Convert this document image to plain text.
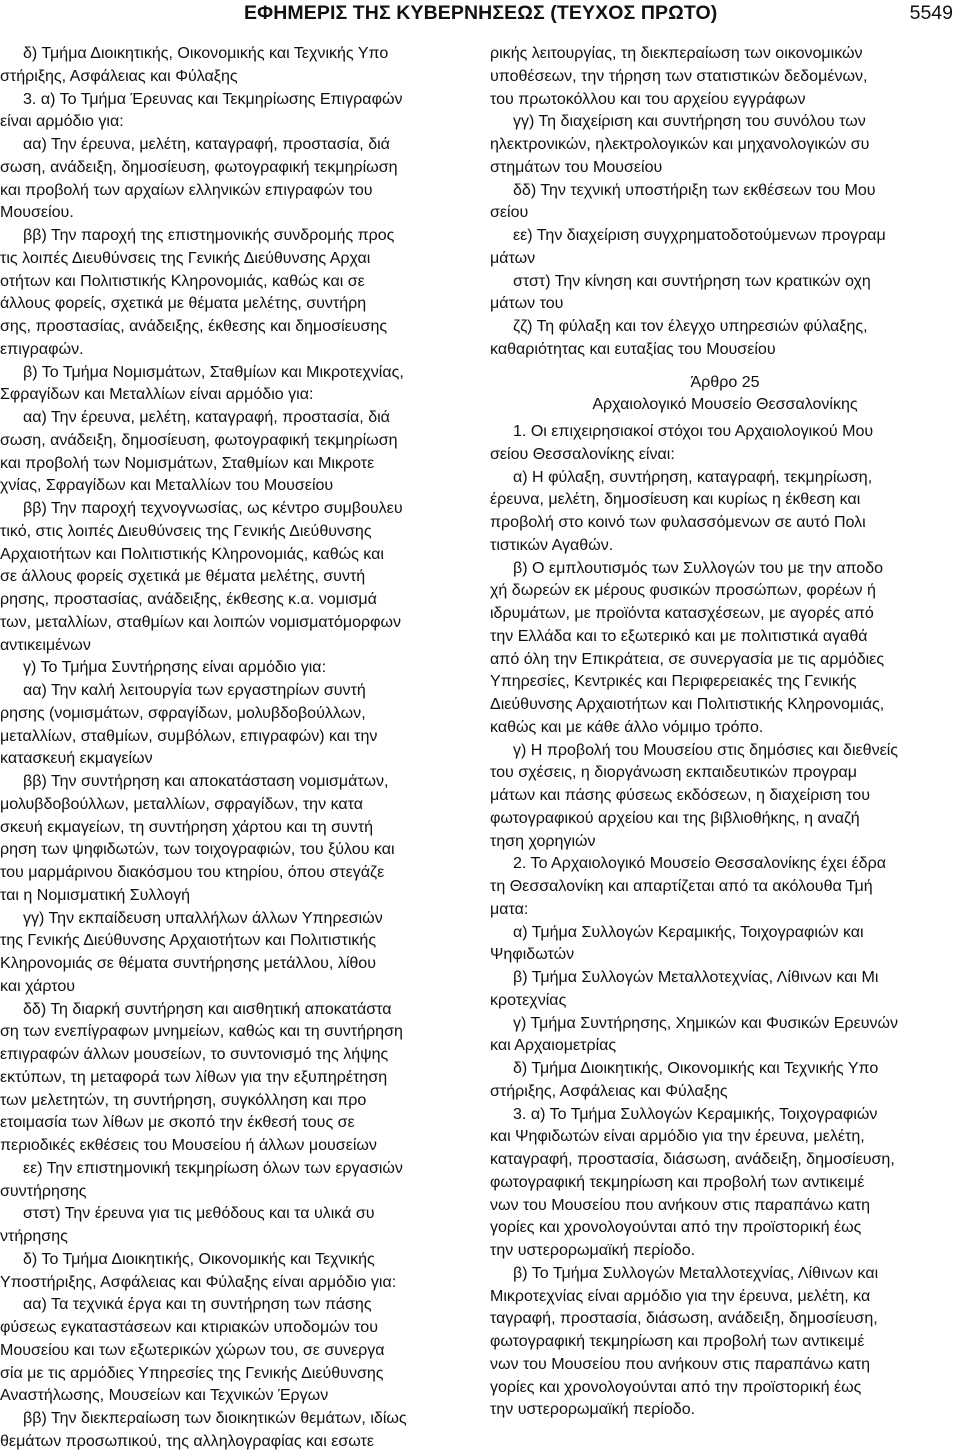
ΕΦΗΜΕΡΙΣ ΤΗΣ ΚΥΒΕΡΝΗΣΕΩΣ (ΤΕΥΧΟΣ ΠΡΩΤΟ)	5549
δ) Τμήμα Διοικητικής, Οικονομικής και Τεχνικής Υπο
στήριξης, Ασφάλειας και Φύλαξης
3. α) Το Τμήμα Έρευνας και Τεκμηρίωσης Επιγραφών
είναι αρμόδιο για:
αα) Την έρευνα, μελέτη, καταγραφή, προστασία, διά
σωση, ανάδειξη, δημοσίευση, φωτογραφική τεκμηρίωση
και προβολή των αρχαίων ελληνικών επιγραφών του
Μουσείου.
ββ) Την παροχή της επιστημονικής συνδρομής προς
τις λοιπές Διευθύνσεις της Γενικής Διεύθυνσης Αρχαι
οτήτων και Πολιτιστικής Κληρονομιάς, καθώς και σε
άλλους φορείς, σχετικά με θέματα μελέτης, συντήρη
σης, προστασίας, ανάδειξης, έκθεσης και δημοσίευσης
επιγραφών.
β) Το Τμήμα Νομισμάτων, Σταθμίων και Μικροτεχνίας,
Σφραγίδων και Μεταλλίων είναι αρμόδιο για:
αα) Την έρευνα, μελέτη, καταγραφή, προστασία, διά
σωση, ανάδειξη, δημοσίευση, φωτογραφική τεκμηρίωση
και προβολή των Νομισμάτων, Σταθμίων και Μικροτε
χνίας, Σφραγίδων και Μεταλλίων του Μουσείου
ββ) Την παροχή τεχνογνωσίας, ως κέντρο συμβουλευ
τικό, στις λοιπές Διευθύνσεις της Γενικής Διεύθυνσης
Αρχαιοτήτων και Πολιτιστικής Κληρονομιάς, καθώς και
σε άλλους φορείς σχετικά με θέματα μελέτης, συντή
ρησης, προστασίας, ανάδειξης, έκθεσης κ.α. νομισμά
των, μεταλλίων, σταθμίων και λοιπών νομισματόμορφων
αντικειμένων
γ) Το Τμήμα Συντήρησης είναι αρμόδιο για:
αα) Την καλή λειτουργία των εργαστηρίων συντή
ρησης (νομισμάτων, σφραγίδων, μολυβδοβούλλων,
μεταλλίων, σταθμίων, συμβόλων, επιγραφών) και την
κατασκευή εκμαγείων
ββ) Την συντήρηση και αποκατάσταση νομισμάτων,
μολυβδοβούλλων, μεταλλίων, σφραγίδων, την κατα
σκευή εκμαγείων, τη συντήρηση χάρτου και τη συντή
ρηση των ψηφιδωτών, των τοιχογραφιών, του ξύλου και
του μαρμάρινου διακόσμου του κτηρίου, όπου στεγάζε
ται η Νομισματική Συλλογή
γγ) Την εκπαίδευση υπαλλήλων άλλων Υπηρεσιών
της Γενικής Διεύθυνσης Αρχαιοτήτων και Πολιτιστικής
Κληρονομιάς σε θέματα συντήρησης μετάλλου, λίθου
και χάρτου
δδ) Τη διαρκή συντήρηση και αισθητική αποκατάστα
ση των ενεπίγραφων μνημείων, καθώς και τη συντήρηση
επιγραφών άλλων μουσείων, το συντονισμό της λήψης
εκτύπων, τη μεταφορά των λίθων για την εξυπηρέτηση
των μελετητών, τη συντήρηση, συγκόλληση και προ
ετοιμασία των λίθων με σκοπό την έκθεσή τους σε
περιοδικές εκθέσεις του Μουσείου ή άλλων μουσείων
εε) Την επιστημονική τεκμηρίωση όλων των εργασιών
συντήρησης
στστ) Την έρευνα για τις μεθόδους και τα υλικά συ
ντήρησης
δ) Το Τμήμα Διοικητικής, Οικονομικής και Τεχνικής
Υποστήριξης, Ασφάλειας και Φύλαξης είναι αρμόδιο για:
αα) Τα τεχνικά έργα και τη συντήρηση των πάσης
φύσεως εγκαταστάσεων και κτιριακών υποδομών του
Μουσείου και των εξωτερικών χώρων του, σε συνεργα
σία με τις αρμόδιες Υπηρεσίες της Γενικής Διεύθυνσης
Αναστήλωσης, Μουσείων και Τεχνικών Έργων
ββ) Την διεκπεραίωση των διοικητικών θεμάτων, ιδίως
θεμάτων προσωπικού, της αλληλογραφίας και εσωτε
ρικής λειτουργίας, τη διεκπεραίωση των οικονομικών
υποθέσεων, την τήρηση των στατιστικών δεδομένων,
του πρωτοκόλλου και του αρχείου εγγράφων
γγ) Τη διαχείριση και συντήρηση του συνόλου των
ηλεκτρονικών, ηλεκτρολογικών και μηχανολογικών συ
στημάτων του Μουσείου
δδ) Την τεχνική υποστήριξη των εκθέσεων του Μου
σείου
εε) Την διαχείριση συγχρηματοδοτούμενων προγραμ
μάτων
στστ) Την κίνηση και συντήρηση των κρατικών οχη
μάτων του
ζζ) Τη φύλαξη και τον έλεγχο υπηρεσιών φύλαξης,
καθαριότητας και ευταξίας του Μουσείου
Άρθρο 25
Αρχαιολογικό Μουσείο Θεσσαλονίκης
1. Οι επιχειρησιακοί στόχοι του Αρχαιολογικού Μου
σείου Θεσσαλονίκης είναι:
α) Η φύλαξη, συντήρηση, καταγραφή, τεκμηρίωση,
έρευνα, μελέτη, δημοσίευση και κυρίως η έκθεση και
προβολή στο κοινό των φυλασσόμενων σε αυτό Πολι
τιστικών Αγαθών.
β) Ο εμπλουτισμός των Συλλογών του με την αποδο
χή δωρεών εκ μέρους φυσικών προσώπων, φορέων ή
ιδρυμάτων, με προϊόντα κατασχέσεων, με αγορές από
την Ελλάδα και το εξωτερικό και με πολιτιστικά αγαθά
από όλη την Επικράτεια, σε συνεργασία με τις αρμόδιες
Υπηρεσίες, Κεντρικές και Περιφερειακές της Γενικής
Διεύθυνσης Αρχαιοτήτων και Πολιτιστικής Κληρονομιάς,
καθώς και με κάθε άλλο νόμιμο τρόπο.
γ) Η προβολή του Μουσείου στις δημόσιες και διεθνείς
του σχέσεις, η διοργάνωση εκπαιδευτικών προγραμ
μάτων και πάσης φύσεως εκδόσεων, η διαχείριση του
φωτογραφικού αρχείου και της βιβλιοθήκης, η αναζή
τηση χορηγιών
2. Το Αρχαιολογικό Μουσείο Θεσσαλονίκης έχει έδρα
τη Θεσσαλονίκη και απαρτίζεται από τα ακόλουθα Τμή
ματα:
α) Τμήμα Συλλογών Κεραμικής, Τοιχογραφιών και
Ψηφιδωτών
β) Τμήμα Συλλογών Μεταλλοτεχνίας, Λίθινων και Μι
κροτεχνίας
γ) Τμήμα Συντήρησης, Χημικών και Φυσικών Ερευνών
και Αρχαιομετρίας
δ) Τμήμα Διοικητικής, Οικονομικής και Τεχνικής Υπο
στήριξης, Ασφάλειας και Φύλαξης
3. α) Το Τμήμα Συλλογών Κεραμικής, Τοιχογραφιών
και Ψηφιδωτών είναι αρμόδιο για την έρευνα, μελέτη,
καταγραφή, προστασία, διάσωση, ανάδειξη, δημοσίευση,
φωτογραφική τεκμηρίωση και προβολή των αντικειμέ
νων του Μουσείου που ανήκουν στις παραπάνω κατη
γορίες και χρονολογούνται από την προϊστορική έως
την υστερορωμαϊκή περίοδο.
β) Το Τμήμα Συλλογών Μεταλλοτεχνίας, Λίθινων και
Μικροτεχνίας είναι αρμόδιο για την έρευνα, μελέτη, κα
ταγραφή, προστασία, διάσωση, ανάδειξη, δημοσίευση,
φωτογραφική τεκμηρίωση και προβολή των αντικειμέ
νων του Μουσείου που ανήκουν στις παραπάνω κατη
γορίες και χρονολογούνται από την προϊστορική έως
την υστερορωμαϊκή περίοδο.
